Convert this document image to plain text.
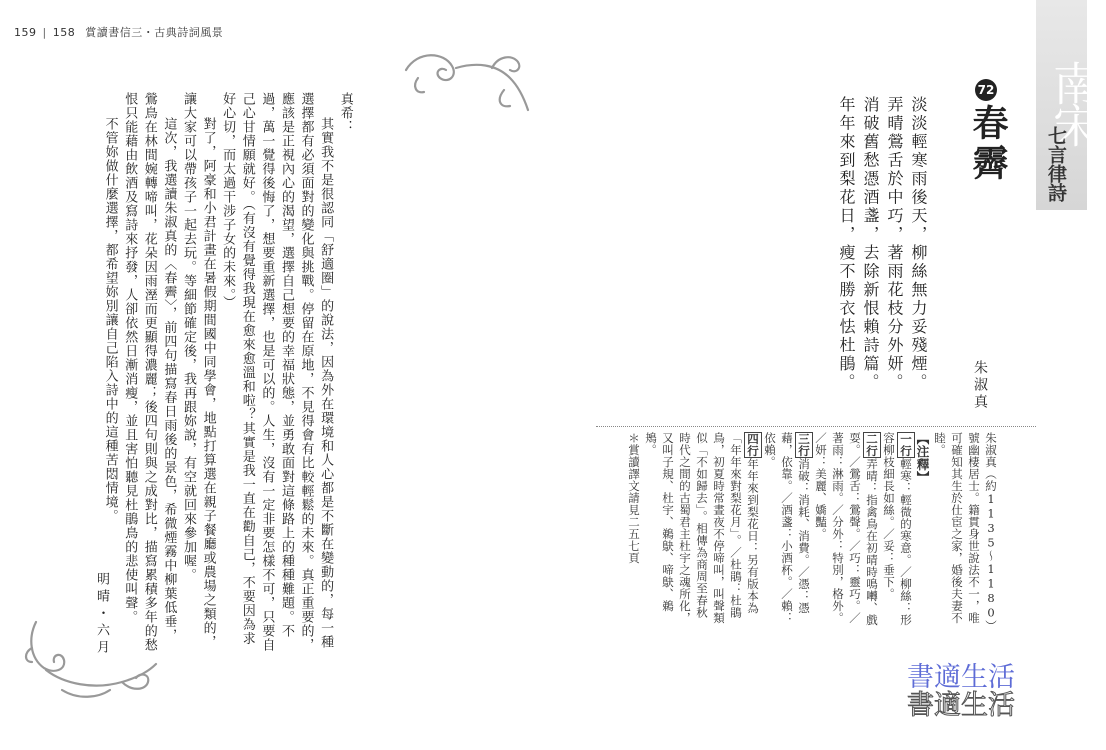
159 | 158 賞讀書信三・古典詩詞風景

真希：

其實我不是很認同「舒適圈」的說法，因為外在環境和人心都是不斷在變動的，每一種選擇都有必須面對的變化與挑戰。停留在原地，不見得會有比較輕鬆的未來。真正重要的，應該是正視內心的渴望，選擇自己想要的幸福狀態，並勇敢面對這條路上的種種難題。不過，萬一覺得後悔了，想要重新選擇，也是可以的。人生，沒有一定非要怎樣不可，只要自己心甘情願就好。（有沒有覺得我現在愈來愈溫和啦？其實是我一直在勸自己，不要因為求好心切，而太過干涉子女的未來。）

對了，阿豪和小君計畫在暑假期間國中同學會，地點打算選在親子餐廳或農場之類的，讓大家可以帶孩子一起去玩。等細節確定後，我再跟妳說，有空就回來參加喔。

這次，我選讀朱淑真的〈春霽〉，前四句描寫春日雨後的景色，希微煙霧中柳葉低垂，鶯鳥在林間婉轉啼叫，花朵因雨溼而更顯得濃麗；後四句則與之成對比，描寫累積多年的愁恨只能藉由飲酒及寫詩來抒發，人卻依然日漸消瘦，並且害怕聽見杜鵑鳥的悲使叫聲。

不管妳做什麼選擇，都希望妳別讓自己陷入詩中的這種苦悶情境。

明晴・六月
南宋
七言律詩
72
春霽

淡淡輕寒雨後天，柳絲無力妥殘煙。

弄晴鶯舌於中巧，著雨花枝分外妍。

消破舊愁憑酒盞，去除新恨賴詩篇。

年年來到梨花日，瘦不勝衣怯杜鵑。	朱淑真

朱淑真（約1135～1180）號幽棲居士。籍貫身世說法不一，唯可確知其生於仕宦之家，婚後夫妻不睦。

【注釋】

一行輕寒：輕微的寒意。／柳絲：形容柳枝細長如絲。／妥：垂下。

二行弄晴：指禽鳥在初晴時鳴囀、戲耍。／鶯舌：鶯聲。／巧：靈巧。／著雨：淋雨。／分外：特別，格外。／妍：美麗、嬌豔。

三行消破：消耗、消費。／憑：憑藉，依靠。／酒盞：小酒杯。／賴：依賴。

四行年年來到梨花日：另有版本為「年年來對梨花月」。／杜鵑：杜鵑鳥，初夏時常晝夜不停啼叫，叫聲類似「不如歸去」。相傳為商周至春秋時代之間的古蜀君主杜宇之魂所化，又叫子規、杜宇、鵜鴃、啼鴃、鵜鴂。

＊賞讀譯文請見二五七頁

書適生活
書適生活
